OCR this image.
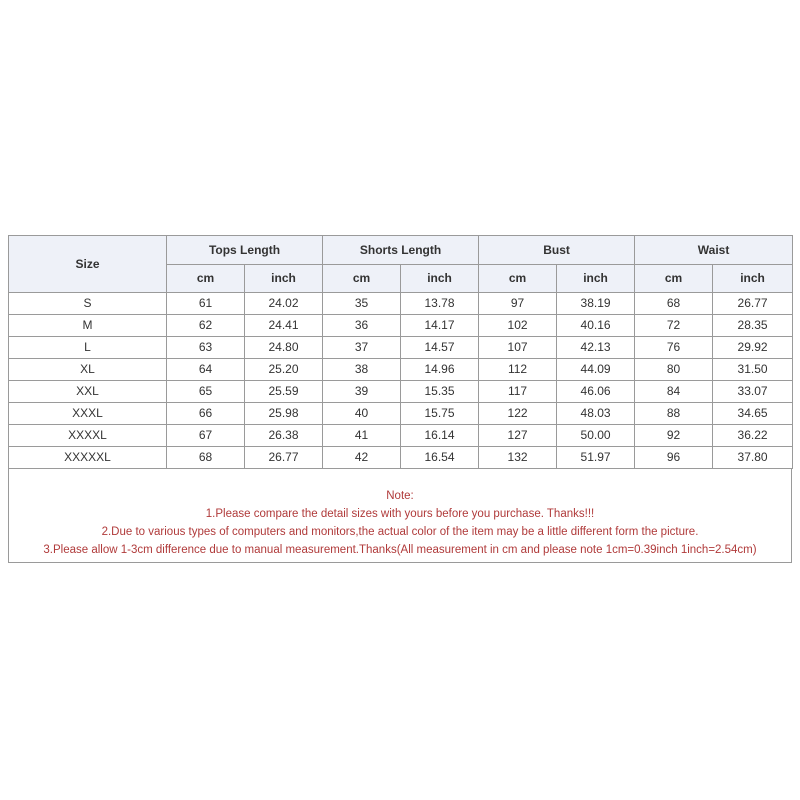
Size	Tops Length		Shorts Length		Bust		Waist	
	cm	inch	cm	inch	cm	inch	cm	inch
S	61	24.02	35	13.78	97	38.19	68	26.77
M	62	24.41	36	14.17	102	40.16	72	28.35
L	63	24.80	37	14.57	107	42.13	76	29.92
XL	64	25.20	38	14.96	112	44.09	80	31.50
XXL	65	25.59	39	15.35	117	46.06	84	33.07
XXXL	66	25.98	40	15.75	122	48.03	88	34.65
XXXXL	67	26.38	41	16.14	127	50.00	92	36.22
XXXXXL	68	26.77	42	16.54	132	51.97	96	37.80
Note:
1.Please compare the detail sizes with yours before you purchase. Thanks!!!
2.Due to various types of computers and monitors,the actual color of the item may be a little different form the picture.
3.Please allow 1-3cm difference due to manual measurement.Thanks(All measurement in cm and please note 1cm=0.39inch 1inch=2.54cm)
